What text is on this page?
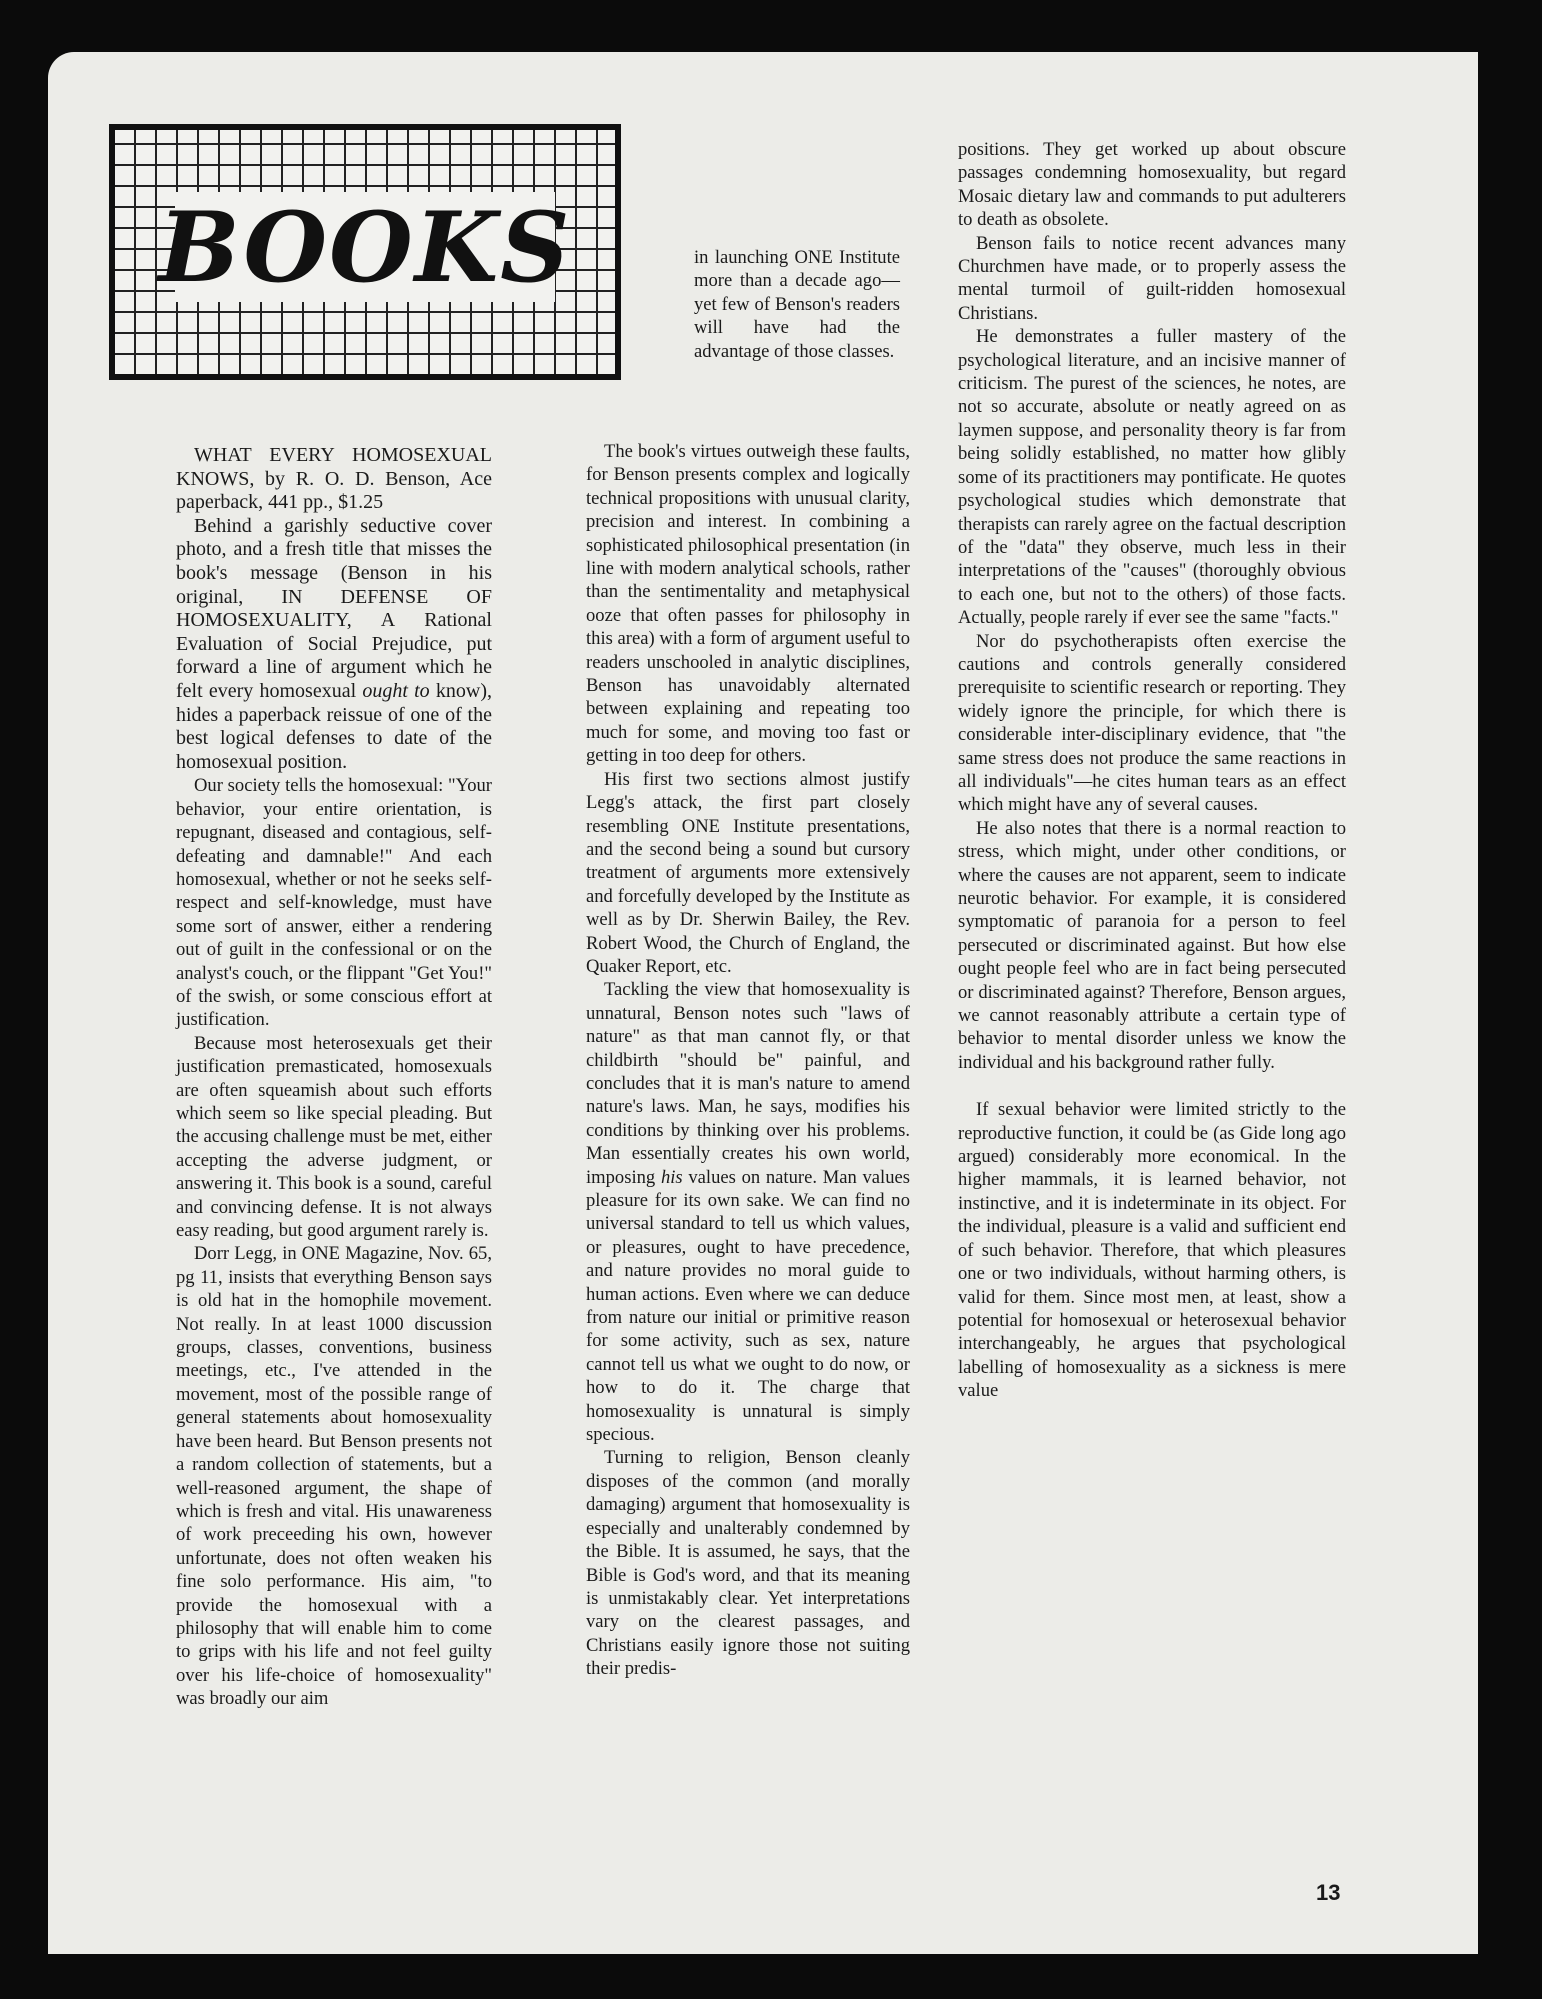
BOOKS

WHAT EVERY HOMOSEXUAL KNOWS, by R. O. D. Benson, Ace paperback, 441 pp., $1.25

Behind a garishly seductive cover photo, and a fresh title that misses the book's message (Benson in his original, IN DEFENSE OF HOMOSEXUALITY, A Rational Evaluation of Social Prejudice, put forward a line of argument which he felt every homosexual ought to know), hides a paperback reissue of one of the best logical defenses to date of the homosexual position.

Our society tells the homosexual: "Your behavior, your entire orientation, is repugnant, diseased and contagious, self-defeating and damnable!" And each homosexual, whether or not he seeks self-respect and self-knowledge, must have some sort of answer, either a rendering out of guilt in the confessional or on the analyst's couch, or the flippant "Get You!" of the swish, or some conscious effort at justification.

Because most heterosexuals get their justification premasticated, homosexuals are often squeamish about such efforts which seem so like special pleading. But the accusing challenge must be met, either accepting the adverse judgment, or answering it. This book is a sound, careful and convincing defense. It is not always easy reading, but good argument rarely is.

Dorr Legg, in ONE Magazine, Nov. 65, pg 11, insists that everything Benson says is old hat in the homophile movement. Not really. In at least 1000 discussion groups, classes, conventions, business meetings, etc., I've attended in the movement, most of the possible range of general statements about homosexuality have been heard. But Benson presents not a random collection of statements, but a well-reasoned argument, the shape of which is fresh and vital. His unawareness of work preceeding his own, however unfortunate, does not often weaken his fine solo performance. His aim, "to provide the homosexual with a philosophy that will enable him to come to grips with his life and not feel guilty over his life-choice of homosexuality" was broadly our aim

in launching ONE Institute more than a decade ago—yet few of Benson's readers will have had the advantage of those classes.

The book's virtues outweigh these faults, for Benson presents complex and logically technical propositions with unusual clarity, precision and interest. In combining a sophisticated philosophical presentation (in line with modern analytical schools, rather than the sentimentality and metaphysical ooze that often passes for philosophy in this area) with a form of argument useful to readers unschooled in analytic disciplines, Benson has unavoidably alternated between explaining and repeating too much for some, and moving too fast or getting in too deep for others.

His first two sections almost justify Legg's attack, the first part closely resembling ONE Institute presentations, and the second being a sound but cursory treatment of arguments more extensively and forcefully developed by the Institute as well as by Dr. Sherwin Bailey, the Rev. Robert Wood, the Church of England, the Quaker Report, etc.

Tackling the view that homosexuality is unnatural, Benson notes such "laws of nature" as that man cannot fly, or that childbirth "should be" painful, and concludes that it is man's nature to amend nature's laws. Man, he says, modifies his conditions by thinking over his problems. Man essentially creates his own world, imposing his values on nature. Man values pleasure for its own sake. We can find no universal standard to tell us which values, or pleasures, ought to have precedence, and nature provides no moral guide to human actions. Even where we can deduce from nature our initial or primitive reason for some activity, such as sex, nature cannot tell us what we ought to do now, or how to do it. The charge that homosexuality is unnatural is simply specious.

Turning to religion, Benson cleanly disposes of the common (and morally damaging) argument that homosexuality is especially and unalterably condemned by the Bible. It is assumed, he says, that the Bible is God's word, and that its meaning is unmistakably clear. Yet interpretations vary on the clearest passages, and Christians easily ignore those not suiting their predis-

positions. They get worked up about obscure passages condemning homosexuality, but regard Mosaic dietary law and commands to put adulterers to death as obsolete.

Benson fails to notice recent advances many Churchmen have made, or to properly assess the mental turmoil of guilt-ridden homosexual Christians.

He demonstrates a fuller mastery of the psychological literature, and an incisive manner of criticism. The purest of the sciences, he notes, are not so accurate, absolute or neatly agreed on as laymen suppose, and personality theory is far from being solidly established, no matter how glibly some of its practitioners may pontificate. He quotes psychological studies which demonstrate that therapists can rarely agree on the factual description of the "data" they observe, much less in their interpretations of the "causes" (thoroughly obvious to each one, but not to the others) of those facts. Actually, people rarely if ever see the same "facts."

Nor do psychotherapists often exercise the cautions and controls generally considered prerequisite to scientific research or reporting. They widely ignore the principle, for which there is considerable inter-disciplinary evidence, that "the same stress does not produce the same reactions in all individuals"—he cites human tears as an effect which might have any of several causes.

He also notes that there is a normal reaction to stress, which might, under other conditions, or where the causes are not apparent, seem to indicate neurotic behavior. For example, it is considered symptomatic of paranoia for a person to feel persecuted or discriminated against. But how else ought people feel who are in fact being persecuted or discriminated against? Therefore, Benson argues, we cannot reasonably attribute a certain type of behavior to mental disorder unless we know the individual and his background rather fully.

If sexual behavior were limited strictly to the reproductive function, it could be (as Gide long ago argued) considerably more economical. In the higher mammals, it is learned behavior, not instinctive, and it is indeterminate in its object. For the individual, pleasure is a valid and sufficient end of such behavior. Therefore, that which pleasures one or two individuals, without harming others, is valid for them. Since most men, at least, show a potential for homosexual or heterosexual behavior interchangeably, he argues that psychological labelling of homosexuality as a sickness is mere value

13
